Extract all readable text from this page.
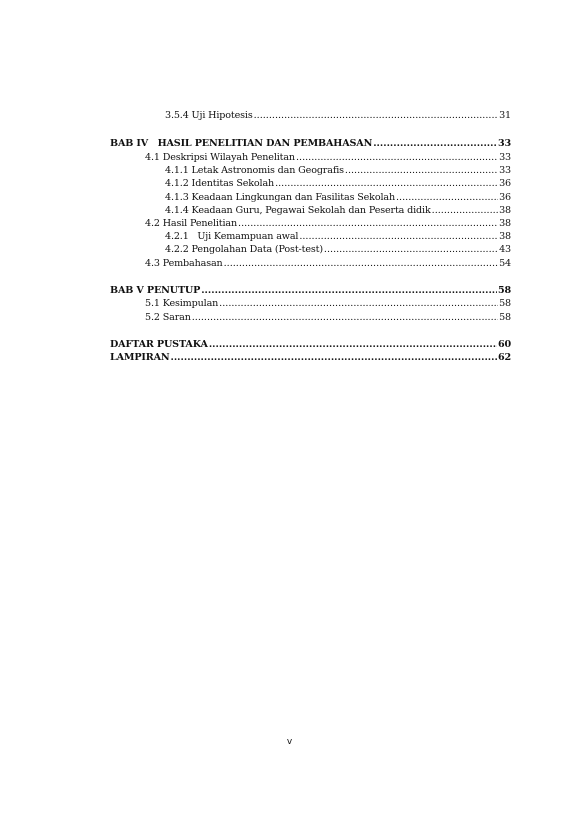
3.5.4 Uji Hipotesis .....	31
BAB IV   HASIL PENELITIAN DAN PEMBAHASAN .....	33
4.1 Deskripsi Wilayah Penelitan .....	33
4.1.1 Letak Astronomis dan Geografis .....	33
4.1.2 Identitas Sekolah .....	36
4.1.3 Keadaan Lingkungan dan Fasilitas Sekolah .....	36
4.1.4 Keadaan Guru, Pegawai Sekolah dan Peserta didik .....	38
4.2 Hasil Penelitian .....	38
4.2.1   Uji Kemampuan awal .....	38
4.2.2 Pengolahan Data (Post-test) .....	43
4.3 Pembahasan .....	54
BAB V PENUTUP .....	58
5.1 Kesimpulan .....	58
5.2 Saran .....	58
DAFTAR PUSTAKA .....	60
LAMPIRAN .....	62
v
